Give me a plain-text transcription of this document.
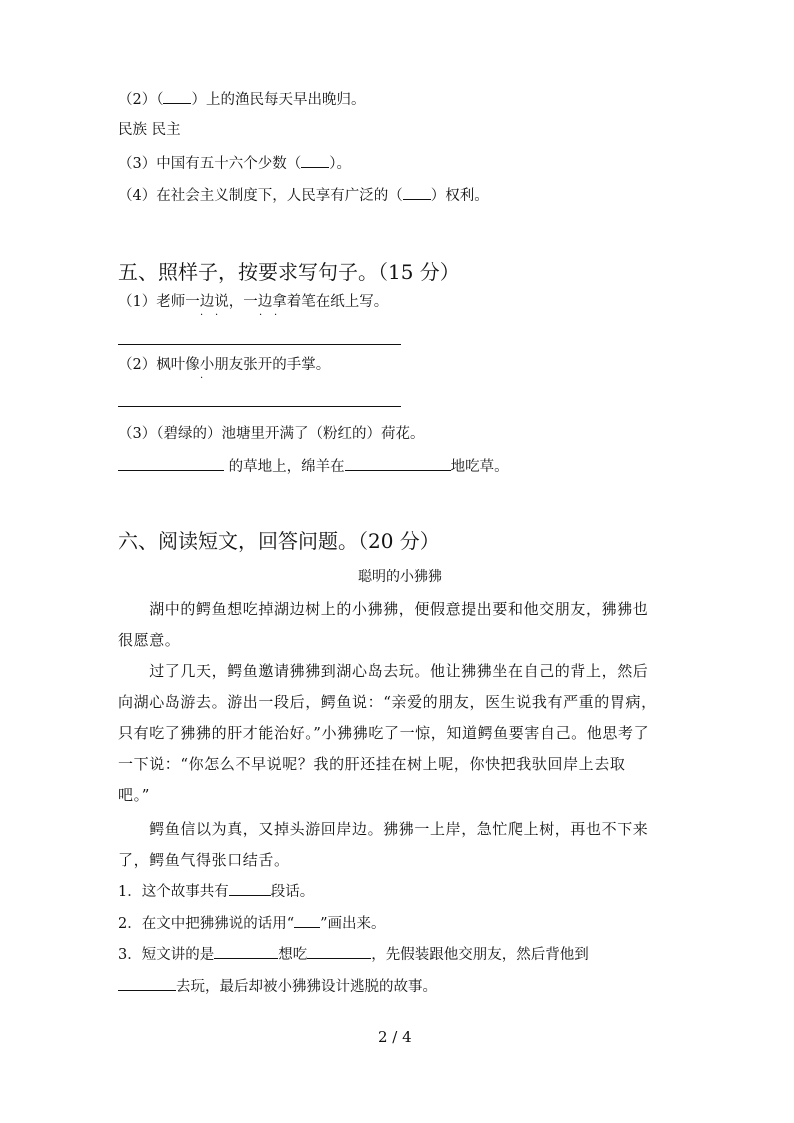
（2）（ ）上的渔民每天早出晚归。
民族 民主
（3）中国有五十六个少数（ ）。
（4）在社会主义制度下，人民享有广泛的（ ）权利。
五、照样子，按要求写句子。（15 分）
（1）老师一边说，一边拿着笔在纸上写。
· ·	· ·
（2）枫叶像小朋友张开的手掌。
·
（3）（碧绿的）池塘里开满了（粉红的）荷花。
的草地上，绵羊在	地吃草。
六、阅读短文，回答问题。（20 分）
聪明的小狒狒
　　湖中的鳄鱼想吃掉湖边树上的小狒狒，便假意提出要和他交朋友，狒狒也
很愿意。
　　过了几天，鳄鱼邀请狒狒到湖心岛去玩。他让狒狒坐在自己的背上，然后
向湖心岛游去。游出一段后，鳄鱼说：“亲爱的朋友，医生说我有严重的胃病，
只有吃了狒狒的肝才能治好。”小狒狒吃了一惊，知道鳄鱼要害自己。他思考了
一下说：“你怎么不早说呢？我的肝还挂在树上呢，你快把我驮回岸上去取
吧。”
　　鳄鱼信以为真，又掉头游回岸边。狒狒一上岸，急忙爬上树，再也不下来
了，鳄鱼气得张口结舌。
1．这个故事共有	段话。
2．在文中把狒狒说的话用“ ”画出来。
3．短文讲的是	想吃	，先假装跟他交朋友，然后背他到
去玩，最后却被小狒狒设计逃脱的故事。
2 / 4
